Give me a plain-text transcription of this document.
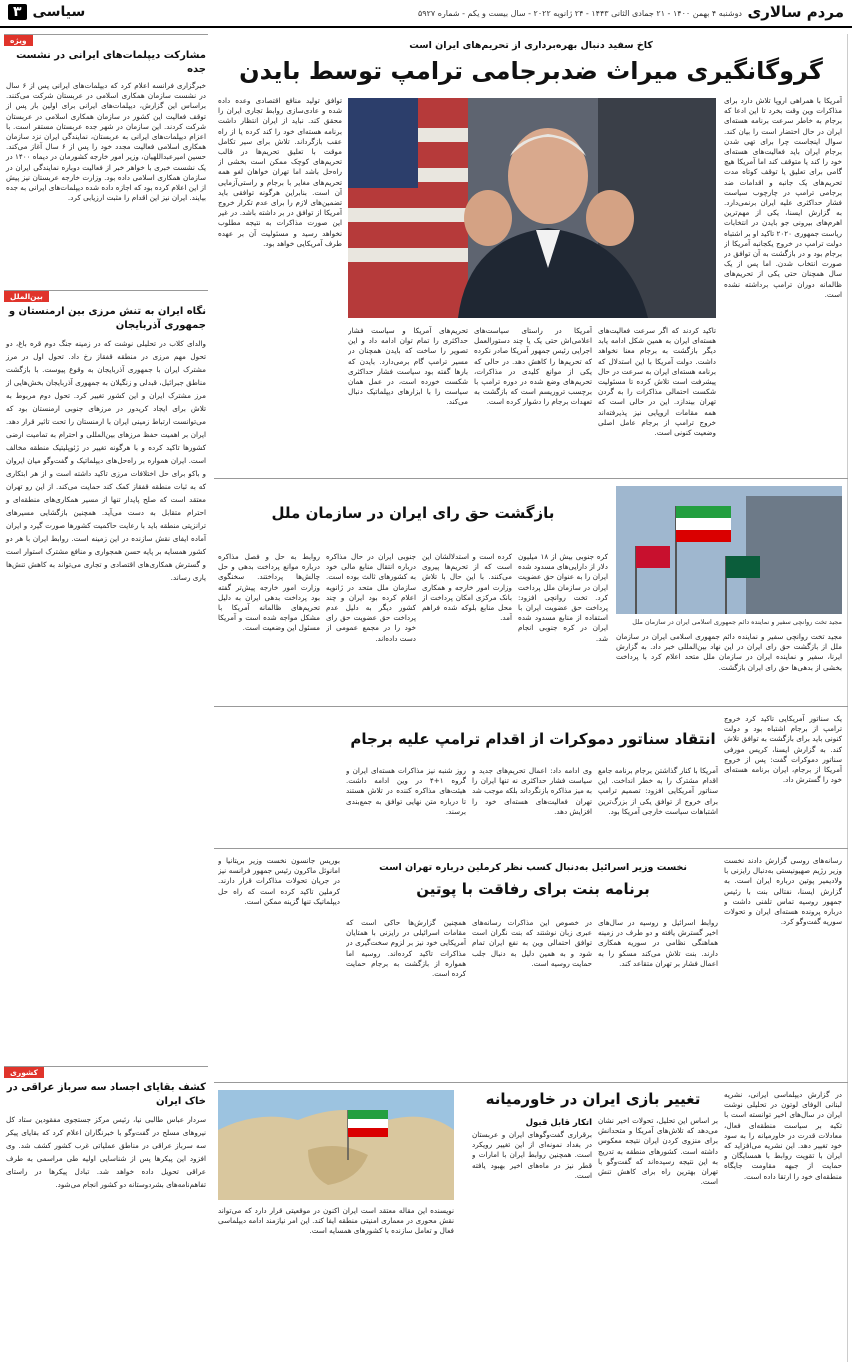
مردم سالاری
دوشنبه ۴ بهمن ۱۴۰۰ - ۲۱ جمادی الثانی ۱۴۴۳ - ۲۴ ژانویه ۲۰۲۲ - سال بیست و یکم - شماره ۵۹۲۷
سیاسی
۳
ویژه
مشارکت دیپلمات‌های ایرانی در نشست جده
خبرگزاری فرانسه اعلام کرد که دیپلمات‌های ایرانی پس از ۶ سال در نشست سازمان همکاری اسلامی در عربستان شرکت می‌کنند. براساس این گزارش، دیپلمات‌های ایرانی برای اولین بار پس از توقف فعالیت این کشور در سازمان همکاری اسلامی در عربستان شرکت کردند. این سازمان در شهر جده عربستان مستقر است. با اعزام دیپلمات‌های ایرانی به عربستان، نمایندگی ایران نزد سازمان همکاری اسلامی فعالیت مجدد خود را پس از ۶ سال آغاز می‌کند. حسین امیرعبداللهیان، وزیر امور خارجه کشورمان در دیماه ۱۴۰۰ در یک نشست خبری با خواهر خبر از فعالیت دوباره نمایندگی ایران در سازمان همکاری اسلامی داده بود. وزارت خارجه عربستان نیز پیش از این اعلام کرده بود که اجازه داده شده دیپلمات‌های ایرانی به جده بیایند. ایران نیز این اقدام را مثبت ارزیابی کرد.
بین‌الملل
نگاه ایران به تنش مرزی بین ارمنستان و جمهوری آذربایجان
والدای کلاب در تحلیلی نوشت که در زمینه جنگ دوم قره باغ، دو تحول مهم مرزی در منطقه قفقاز رخ داد. تحول اول در مرز مشترک ایران با جمهوری آذربایجان به وقوع پیوست. با بازگشت مناطق جبرائیل، قبدلی و زنگیلان به جمهوری آذربایجان بخش‌هایی از مرز مشترک ایران و این کشور تغییر کرد. تحول دوم مربوط به تلاش برای ایجاد کریدور در مرزهای جنوبی ارمنستان بود که می‌توانست ارتباط زمینی ایران با ارمنستان را تحت تاثیر قرار دهد. ایران بر اهمیت حفظ مرزهای بین‌المللی و احترام به تمامیت ارضی کشورها تاکید کرده و با هرگونه تغییر در ژئوپلیتیک منطقه مخالف است. ایران همواره بر راه‌حل‌های دیپلماتیک و گفت‌وگو میان ایروان و باکو برای حل اختلافات مرزی تاکید داشته است و از هر ابتکاری که به ثبات منطقه قفقاز کمک کند حمایت می‌کند. از این رو تهران معتقد است که صلح پایدار تنها از مسیر همکاری‌های منطقه‌ای و احترام متقابل به دست می‌آید. همچنین بازگشایی مسیرهای ترانزیتی منطقه باید با رعایت حاکمیت کشورها صورت گیرد و ایران آماده ایفای نقش سازنده در این زمینه است. روابط ایران با هر دو کشور همسایه بر پایه حسن همجواری و منافع مشترک استوار است و گسترش همکاری‌های اقتصادی و تجاری می‌تواند به کاهش تنش‌ها یاری رساند.
کشوری
کشف بقایای اجساد سه سرباز عراقی در خاک ایران
سردار عباس طالبی نیا، رئیس مرکز جستجوی مفقودین ستاد کل نیروهای مسلح در گفت‌وگو با خبرنگاران اعلام کرد که بقایای پیکر سه سرباز عراقی در مناطق عملیاتی غرب کشور کشف شد. وی افزود این پیکرها پس از شناسایی اولیه طی مراسمی به طرف عراقی تحویل داده خواهد شد. تبادل پیکرها در راستای تفاهم‌نامه‌های بشردوستانه دو کشور انجام می‌شود.
کاخ سفید دنبال بهره‌برداری از تحریم‌های ایران است
گروگانگیری میراث ضدبرجامی ترامپ توسط بایدن
آمریکا با همراهی اروپا تلاش دارد برای مذاکرات وین وقت بخرد تا این ادعا که برجام به خاطر سرعت برنامه هسته‌ای ایران در حال احتضار است را بیان کند. سوال اینجاست چرا برای تهی شدن برجام ایران باید فعالیت‌های هسته‌ای خود را کند یا متوقف کند اما آمریکا هیچ گامی برای تعلیق یا توقف کوتاه مدت تحریم‌های یک جانبه و اقدامات ضد برجامی ترامپ در چارچوب سیاست فشار حداکثری علیه ایران برنمی‌دارد. به گزارش ایسنا، یکی از مهم‌ترین اهرم‌های بیرونی جو بایدن در انتخابات ریاست جمهوری ۲۰۲۰ تاکید او بر اشتباه دولت ترامپ در خروج یکجانبه آمریکا از برجام بود و در بازگشت به آن توافق در صورت انتخاب شدن. اما پس از یک سال همچنان حتی یکی از تحریم‌های ظالمانه دوران ترامپ برداشته نشده است.
تاکید کردند که اگر سرعت فعالیت‌های هسته‌ای ایران به همین شکل ادامه یابد دیگر بازگشت به برجام معنا نخواهد داشت. دولت آمریکا با این استدلال که برنامه هسته‌ای ایران به سرعت در حال پیشرفت است تلاش کرده تا مسئولیت شکست احتمالی مذاکرات را به گردن تهران بیندازد. این در حالی است که همه مقامات اروپایی نیز پذیرفته‌اند خروج ترامپ از برجام عامل اصلی وضعیت کنونی است.
آمریکا در راستای سیاست‌های اعلامی‌اش حتی یک یا چند دستورالعمل اجرایی رئیس جمهور آمریکا صادر نکرده که تحریم‌ها را کاهش دهد. در حالی که یکی از موانع کلیدی در مذاکرات، تحریم‌های وضع شده در دوره ترامپ با برچسب تروریسم است که بازگشت به تعهدات برجام را دشوار کرده است.
تحریم‌های آمریکا و سیاست فشار حداکثری را تمام توان ادامه داد و این تصویر را ساخت که بایدن همچنان در مسیر ترامپ گام برمی‌دارد. بایدن که بارها گفته بود سیاست فشار حداکثری شکست خورده است، در عمل همان سیاست را با ابزارهای دیپلماتیک دنبال می‌کند.
توافق تولید منافع اقتصادی وعده داده شده و عادی‌سازی روابط تجاری ایران را محقق کند. نباید از ایران انتظار داشت برنامه هسته‌ای خود را کند کرده یا از راه عقب بازگرداند. تلاش برای سیر تکامل موقت با تعلیق تحریم‌ها در قالب تحریم‌های کوچک ممکن است بخشی از راه‌حل باشد اما تهران خواهان لغو همه تحریم‌های مغایر با برجام و راستی‌آزمایی آن است. بنابراین هرگونه توافقی باید تضمین‌های لازم را برای عدم تکرار خروج آمریکا از توافق در بر داشته باشد. در غیر این صورت مذاکرات به نتیجه مطلوب نخواهد رسید و مسئولیت آن بر عهده طرف آمریکایی خواهد بود.
مجید تخت روانچی سفیر و نماینده دائم جمهوری اسلامی ایران در سازمان ملل
بازگشت حق رای ایران در سازمان ملل
کره جنوبی بیش از ۱۸ میلیون دلار از دارایی‌های مسدود شده ایران را به عنوان حق عضویت ایران در سازمان ملل پرداخت کرد. تخت روانچی افزود: پرداخت حق عضویت ایران با استفاده از منابع مسدود شده ایران در کره جنوبی انجام شد.
کرده است و استدلالشان این است که از تحریم‌ها پیروی می‌کنند. با این حال با تلاش وزارت امور خارجه و همکاری بانک مرکزی امکان پرداخت از محل منابع بلوکه شده فراهم آمد.
جنوبی ایران در حال مذاکره درباره انتقال منابع مالی خود به کشورهای ثالث بوده است. سازمان ملل متحد در ژانویه اعلام کرده بود ایران و چند کشور دیگر به دلیل عدم پرداخت حق عضویت حق رای خود را در مجمع عمومی از دست داده‌اند.
روابط به حل و فصل مذاکره درباره موانع پرداخت بدهی و حل چالش‌ها پرداختند. سخنگوی وزارت امور خارجه پیش‌تر گفته بود پرداخت بدهی ایران به دلیل تحریم‌های ظالمانه آمریکا با مشکل مواجه شده است و آمریکا مسئول این وضعیت است.
مجید تخت روانچی سفیر و نماینده دائم جمهوری اسلامی ایران در سازمان ملل از بازگشت حق رای ایران در این نهاد بین‌المللی خبر داد. به گزارش ایرنا، سفیر و نماینده ایران در سازمان ملل متحد اعلام کرد با پرداخت بخشی از بدهی‌ها حق رای ایران بازگشت.
انتقاد سناتور دموکرات از اقدام ترامپ علیه برجام
یک سناتور آمریکایی تاکید کرد خروج ترامپ از برجام اشتباه بود و دولت کنونی باید برای بازگشت به توافق تلاش کند. به گزارش ایسنا، کریس مورفی سناتور دموکرات گفت: پس از خروج آمریکا از برجام، ایران برنامه هسته‌ای خود را گسترش داد.
آمریکا با کنار گذاشتن برجام برنامه جامع اقدام مشترک را به خطر انداخت. این سناتور آمریکایی افزود: تصمیم ترامپ برای خروج از توافق یکی از بزرگ‌ترین اشتباهات سیاست خارجی آمریکا بود.
وی ادامه داد: اعمال تحریم‌های جدید و سیاست فشار حداکثری نه تنها ایران را به میز مذاکره بازنگرداند بلکه موجب شد تهران فعالیت‌های هسته‌ای خود را افزایش دهد.
روز شنبه نیز مذاکرات هسته‌ای ایران و گروه ۱+۴ در وین ادامه داشت. هیئت‌های مذاکره کننده در تلاش هستند تا درباره متن نهایی توافق به جمع‌بندی برسند.
نخست وزیر اسرائیل به‌دنبال کسب نظر کرملین درباره تهران است
برنامه بنت برای رفاقت با پوتین
رسانه‌های روسی گزارش دادند نخست وزیر رژیم صهیونیستی به‌دنبال رایزنی با ولادیمیر پوتین درباره ایران است. به گزارش ایسنا، نفتالی بنت با رئیس جمهور روسیه تماس تلفنی داشت و درباره پرونده هسته‌ای ایران و تحولات سوریه گفت‌وگو کرد.
روابط اسرائیل و روسیه در سال‌های اخیر گسترش یافته و دو طرف در زمینه هماهنگی نظامی در سوریه همکاری دارند. بنت تلاش می‌کند مسکو را به اعمال فشار بر تهران متقاعد کند.
در خصوص این مذاکرات رسانه‌های عبری زبان نوشتند که بنت نگران است توافق احتمالی وین به نفع ایران تمام شود و به همین دلیل به دنبال جلب حمایت روسیه است.
همچنین گزارش‌ها حاکی است که مقامات اسرائیلی در رایزنی با همتایان آمریکایی خود نیز بر لزوم سخت‌گیری در مذاکرات تاکید کرده‌اند. روسیه اما همواره از بازگشت به برجام حمایت کرده است.
بوریس جانسون نخست وزیر بریتانیا و امانوئل ماکرون رئیس جمهور فرانسه نیز در جریان تحولات مذاکرات قرار دارند. کرملین تاکید کرده است که راه حل دیپلماتیک تنها گزینه ممکن است.
تغییر بازی ایران در خاورمیانه	در گزارش دیپلماسی ایرانی، نشریه لبنانی الوفای لوتون در تحلیلی نوشت ایران در سال‌های اخیر توانسته است با تکیه بر سیاست منطقه‌ای فعال، معادلات قدرت در خاورمیانه را به سود خود تغییر دهد. این نشریه می‌افزاید که ایران با تقویت روابط با همسایگان و حمایت از جبهه مقاومت جایگاه منطقه‌ای خود را ارتقا داده است.
بر اساس این تحلیل، تحولات اخیر نشان می‌دهد که تلاش‌های آمریکا و متحدانش برای منزوی کردن ایران نتیجه معکوس داشته است. کشورهای منطقه به تدریج به این نتیجه رسیده‌اند که گفت‌وگو با تهران بهترین راه برای کاهش تنش است.
اتکار قابل قبول
برقراری گفت‌وگوهای ایران و عربستان در بغداد نمونه‌ای از این تغییر رویکرد است. همچنین روابط ایران با امارات و قطر نیز در ماه‌های اخیر بهبود یافته است.
نویسنده این مقاله معتقد است ایران اکنون در موقعیتی قرار دارد که می‌تواند نقش محوری در معماری امنیتی منطقه ایفا کند. این امر نیازمند ادامه دیپلماسی فعال و تعامل سازنده با کشورهای همسایه است.
